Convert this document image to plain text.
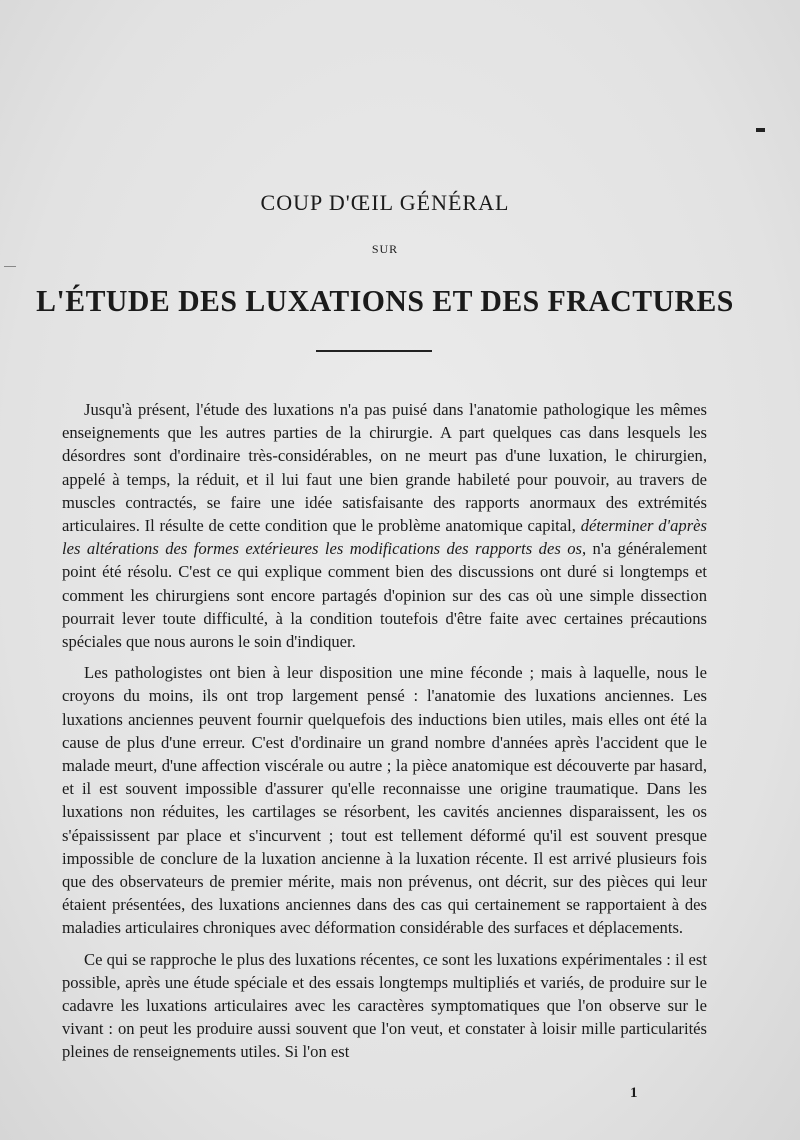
COUP D'ŒIL GÉNÉRAL
SUR
L'ÉTUDE DES LUXATIONS ET DES FRACTURES

Jusqu'à présent, l'étude des luxations n'a pas puisé dans l'anatomie pathologique les mêmes enseignements que les autres parties de la chirurgie. A part quelques cas dans lesquels les désordres sont d'ordinaire très-considérables, on ne meurt pas d'une luxation, le chirurgien, appelé à temps, la réduit, et il lui faut une bien grande habileté pour pouvoir, au travers de muscles contractés, se faire une idée satisfaisante des rapports anormaux des extrémités articulaires. Il résulte de cette condition que le problème anatomique capital, déterminer d'après les altérations des formes extérieures les modifications des rapports des os, n'a généralement point été résolu. C'est ce qui explique comment bien des discussions ont duré si longtemps et comment les chirurgiens sont encore partagés d'opinion sur des cas où une simple dissection pourrait lever toute difficulté, à la condition toutefois d'être faite avec certaines précautions spéciales que nous aurons le soin d'indiquer.

Les pathologistes ont bien à leur disposition une mine féconde ; mais à laquelle, nous le croyons du moins, ils ont trop largement pensé : l'anatomie des luxations anciennes. Les luxations anciennes peuvent fournir quelquefois des inductions bien utiles, mais elles ont été la cause de plus d'une erreur. C'est d'ordinaire un grand nombre d'années après l'accident que le malade meurt, d'une affection viscérale ou autre ; la pièce anatomique est découverte par hasard, et il est souvent impossible d'assurer qu'elle reconnaisse une origine traumatique. Dans les luxations non réduites, les cartilages se résorbent, les cavités anciennes disparaissent, les os s'épaississent par place et s'incurvent ; tout est tellement déformé qu'il est souvent presque impossible de conclure de la luxation ancienne à la luxation récente. Il est arrivé plusieurs fois que des observateurs de premier mérite, mais non prévenus, ont décrit, sur des pièces qui leur étaient présentées, des luxations anciennes dans des cas qui certainement se rapportaient à des maladies articulaires chroniques avec déformation considérable des surfaces et déplacements.

Ce qui se rapproche le plus des luxations récentes, ce sont les luxations expérimentales : il est possible, après une étude spéciale et des essais longtemps multipliés et variés, de produire sur le cadavre les luxations articulaires avec les caractères symptomatiques que l'on observe sur le vivant : on peut les produire aussi souvent que l'on veut, et constater à loisir mille particularités pleines de renseignements utiles. Si l'on est

1
